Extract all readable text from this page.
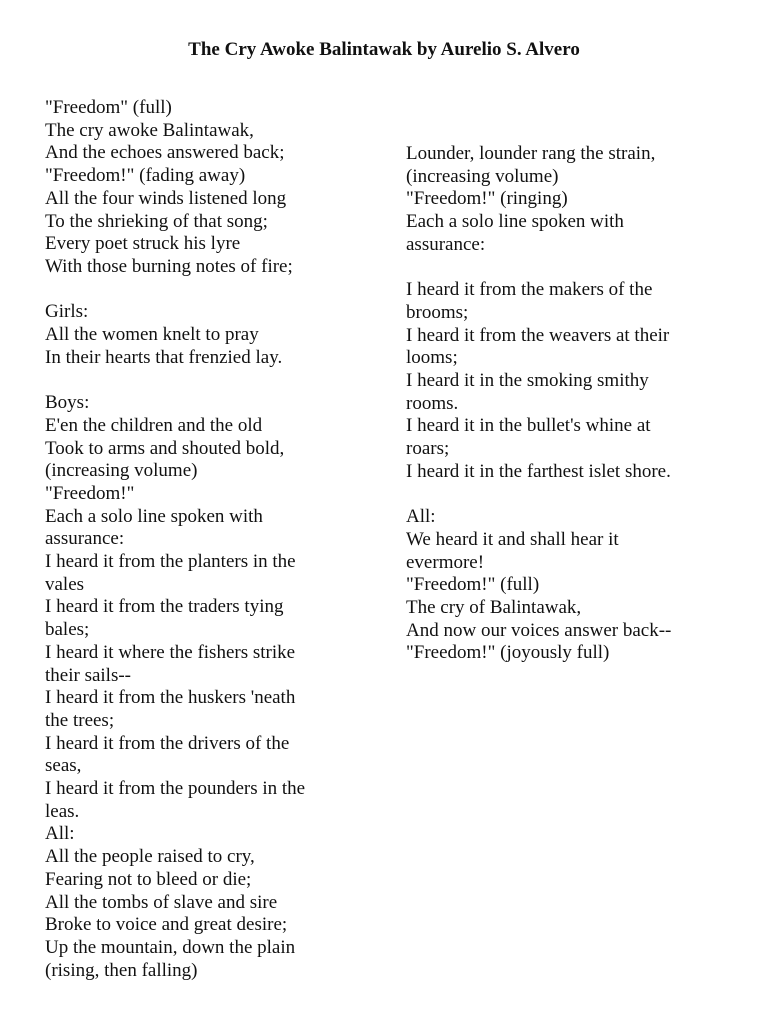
The Cry Awoke Balintawak by Aurelio S. Alvero
"Freedom" (full)
The cry awoke Balintawak,
And the echoes answered back;
"Freedom!" (fading away)
All the four winds listened long
To the shrieking of that song;
Every poet struck his lyre
With those burning notes of fire;
Girls:
All the women knelt to pray
In their hearts that frenzied lay.
Boys:
E'en the children and the old
Took to arms and shouted bold,
(increasing volume)
"Freedom!"
Each a solo line spoken with
assurance:
I heard it from the planters in the
vales
I heard it from the traders tying
bales;
I heard it where the fishers strike
their sails--
I heard it from the huskers 'neath
the trees;
I heard it from the drivers of the
seas,
I heard it from the pounders in the
leas.
All:
All the people raised to cry,
Fearing not to bleed or die;
All the tombs of slave and sire
Broke to voice and great desire;
Up the mountain, down the plain
(rising, then falling)
Lounder, lounder rang the strain,
(increasing volume)
"Freedom!" (ringing)
Each a solo line spoken with
assurance:
I heard it from the makers of the
brooms;
I heard it from the weavers at their
looms;
I heard it in the smoking smithy
rooms.
I heard it in the bullet's whine at
roars;
I heard it in the farthest islet shore.
All:
We heard it and shall hear it
evermore!
"Freedom!" (full)
The cry of Balintawak,
And now our voices answer back--
"Freedom!" (joyously full)
